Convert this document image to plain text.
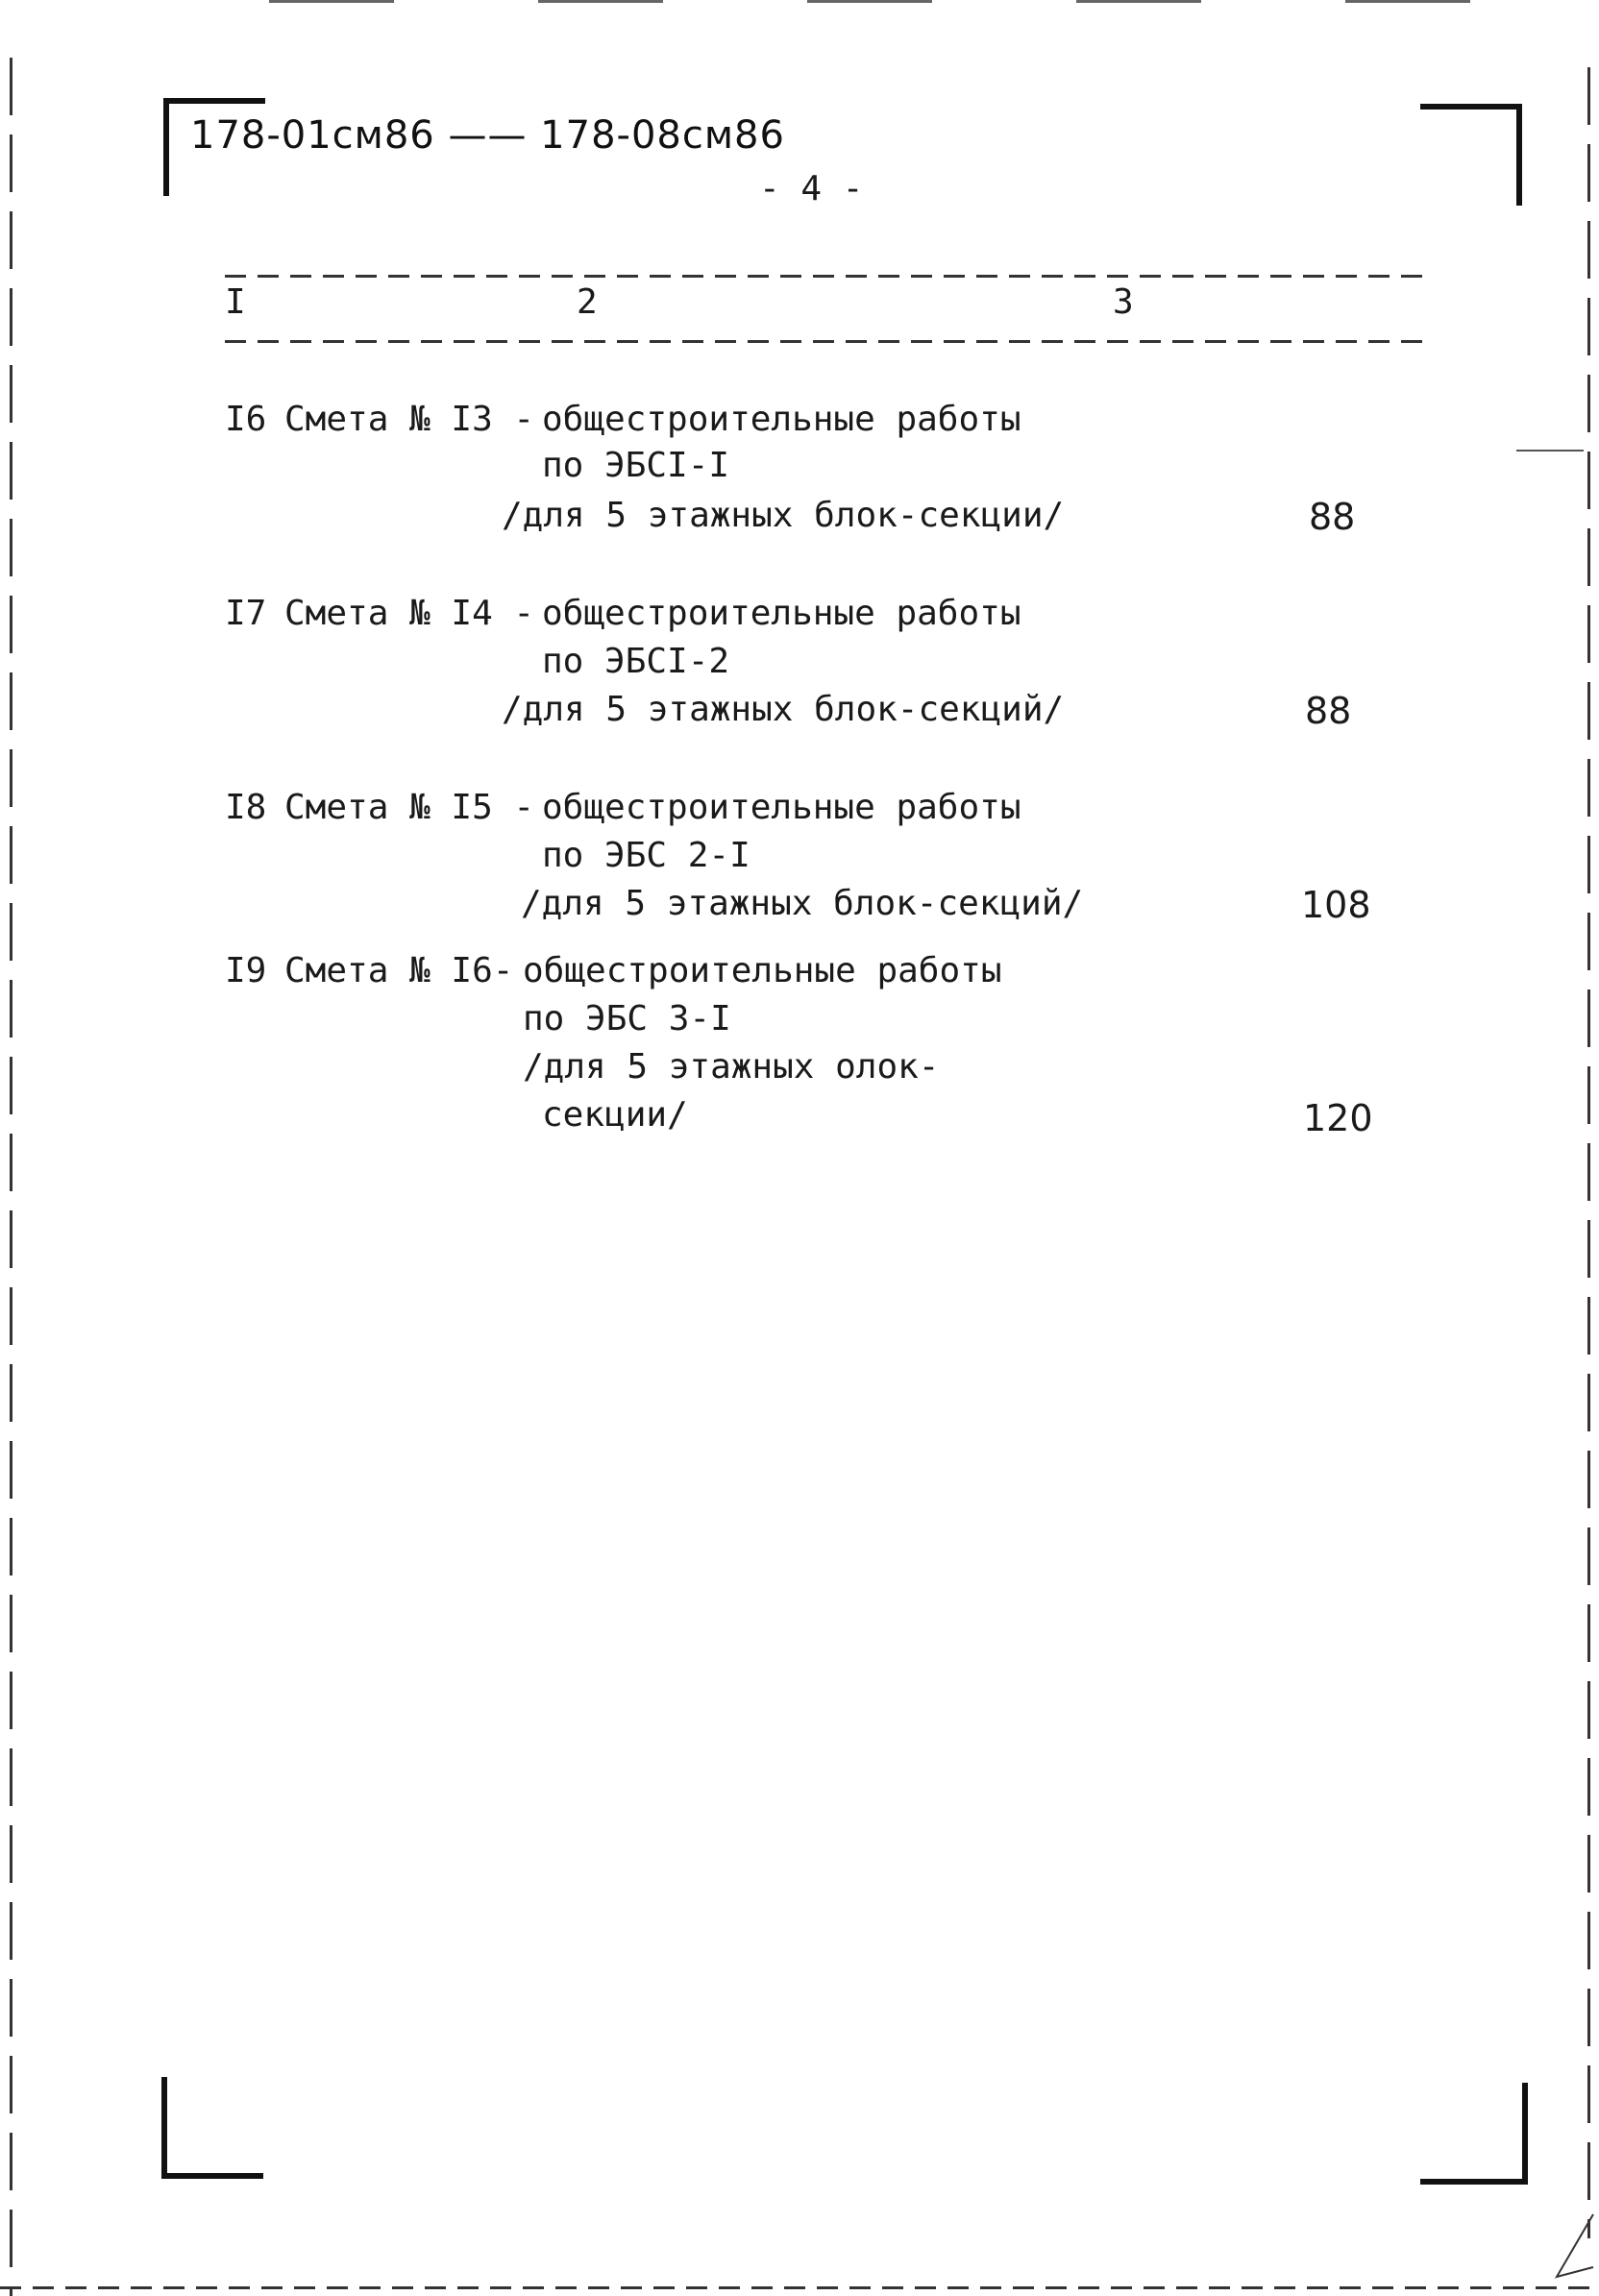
178-01см86 —— 178-08см86
- 4 -
I	2	3
I6 Смета № I3 - общестроительные работы
по ЭБСI-I
/для 5 этажных блок-секции/	88
I7 Смета № I4 - общестроительные работы
по ЭБСI-2
/для 5 этажных блок-секций/	88
I8 Смета № I5 - общестроительные работы
по ЭБС 2-I
/для 5 этажных блок-секций/	108
I9 Смета № I6- общестроительные работы
по ЭБС 3-I
/для 5 этажных олок-
секции/	120
